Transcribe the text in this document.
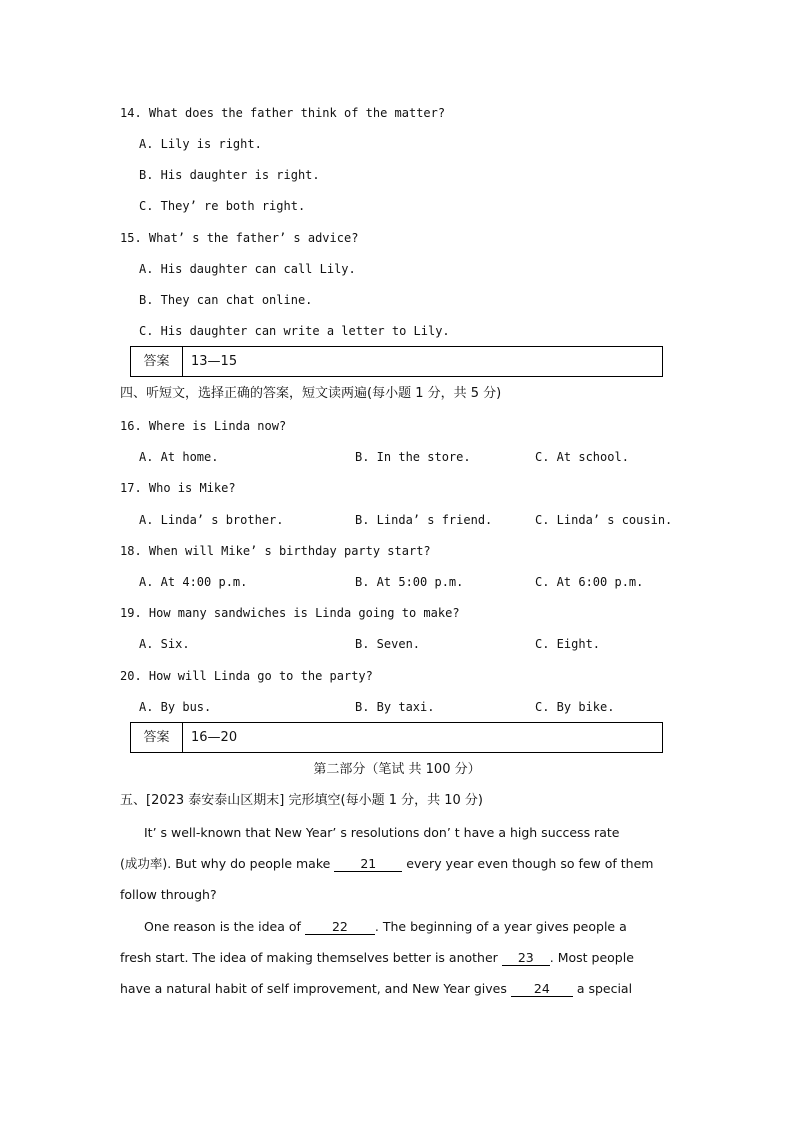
14. What does the father think of the matter?
A. Lily is right.
B. His daughter is right.
C. They’ re both right.
15. What’ s the father’ s advice?
A. His daughter can call Lily.
B. They can chat online.
C. His daughter can write a letter to Lily.
答案	13—15
四、听短文，选择正确的答案，短文读两遍(每小题 1 分，共 5 分)
16. Where is Linda now?
A. At home.	B. In the store.	C. At school.
17. Who is Mike?
A. Linda’ s brother.	B. Linda’ s friend.	C. Linda’ s cousin.
18. When will Mike’ s birthday party start?
A. At 4:00 p.m.	B. At 5:00 p.m.	C. At 6:00 p.m.
19. How many sandwiches is Linda going to make?
A. Six.	B. Seven.	C. Eight.
20. How will Linda go to the party?
A. By bus.	B. By taxi.	C. By bike.
答案	16—20
第二部分（笔试 共 100 分）
五、[2023 泰安泰山区期末] 完形填空(每小题 1 分，共 10 分)
It’ s well-known that New Year’ s resolutions don’ t have a high success rate
(成功率). But why do people make 21 every year even though so few of them
follow through?
One reason is the idea of 22 . The beginning of a year gives people a
fresh start. The idea of making themselves better is another 23 . Most people
have a natural habit of self improvement, and New Year gives 24 a special
